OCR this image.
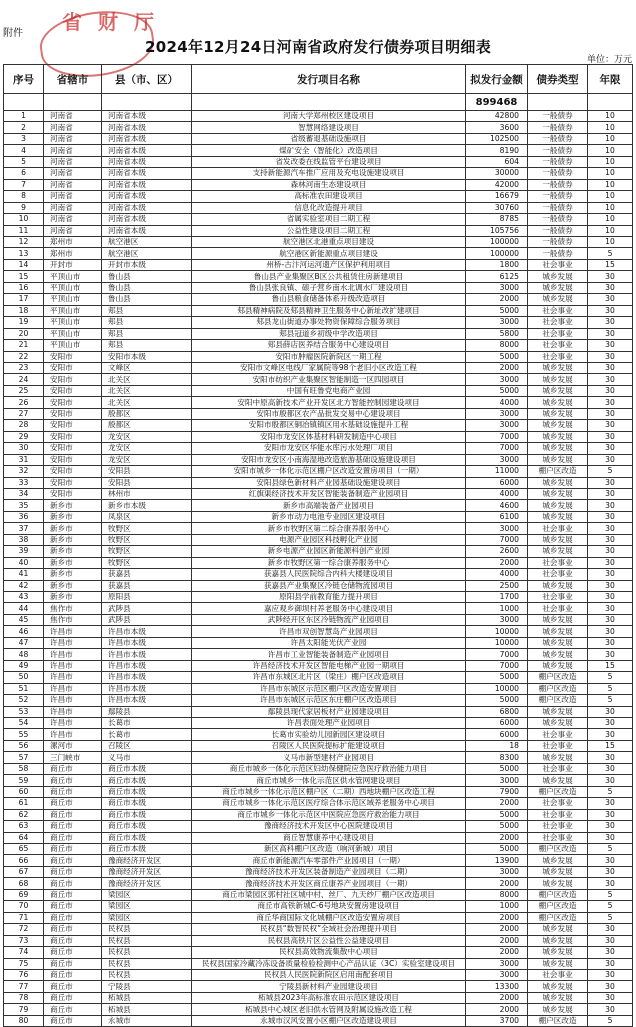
附件 省财厅
2024年12月24日河南省政府发行债券项目明细表
单位：万元
序号	省辖市	县（市、区）	发行项目名称	拟发行金额	债券类型	年限
				899468		
1	河南省	河南省本级	河南大学郑州校区建设项目	42800	一般债券	10
2	河南省	河南省本级	智慧网络建设项目	3600	一般债券	10
3	河南省	河南省本级	省级蓄退基础设施项目	102500	一般债券	10
4	河南省	河南省本级	煤矿安全（智能化）改造项目	8190	一般债券	10
5	河南省	河南省本级	省发改委在线监管平台建设项目	604	一般债券	10
6	河南省	河南省本级	支持新能源汽车推广应用及充电设施建设项目	30000	一般债券	10
7	河南省	河南省本级	森林河南生态建设项目	42000	一般债券	10
8	河南省	河南省本级	高标准农田建设项目	16679	一般债券	10
9	河南省	河南省本级	信息化改造提升项目	30760	一般债券	10
10	河南省	河南省本级	省属实验室项目二期工程	8785	一般债券	10
11	河南省	河南省本级	公益性建设项目二期工程	105756	一般债券	10
12	郑州市	航空港区	航空港区北港重点项目建设	100000	一般债券	10
13	郑州市	航空港区	航空港区新能源重点项目建设	100000	一般债券	5
14	开封市	开封市本级	州桥-古汴河运河遗产区保护利用项目	1800	社会事业	15
15	平顶山市	鲁山县	鲁山县产业集聚区B区公共租赁住房新建项目	6125	城乡发展	30
16	平顶山市	鲁山县	鲁山县张良镇、磙子营乡南水北调水厂建设项目	3000	城乡发展	30
17	平顶山市	鲁山县	鲁山县粮食储备体系升级改造项目	2000	城乡发展	30
18	平顶山市	郏县	郏县精神病院及郏县精神卫生服务中心新址改扩建项目	5000	社会事业	30
19	平顶山市	郏县	郏县龙山街道办事处物资保障综合服务项目	3000	社会事业	30
20	平顶山市	郏县	郏县冠道乡初级中学改造项目	5800	社会事业	30
21	平顶山市	郏县	郏县薛店医养结合服务中心建设项目	8000	社会事业	30
22	安阳市	安阳市本级	安阳市肿瘤医院新院区一期工程	5000	社会事业	30
23	安阳市	文峰区	安阳市文峰区电线厂家属院等98个老旧小区改造工程	2000	城乡发展	30
24	安阳市	北关区	安阳市纺织产业集聚区智能制造一区四园项目	3000	城乡发展	30
25	安阳市	北关区	中国有旺鲁党电商产业园	5000	城乡发展	30
26	安阳市	北关区	安阳中原高新技术产业开发区北方智能控制园建设项目	4000	城乡发展	30
27	安阳市	殷都区	安阳市殷都区农产品批发交易中心建设项目	3000	城乡发展	30
28	安阳市	殷都区	安阳市殷都区铜冶镇镇区用水基础设施提升工程	3000	城乡发展	30
29	安阳市	龙安区	安阳市龙安区体基材料研发制造中心项目	7000	城乡发展	30
30	安阳市	龙安区	安阳市龙安区华能水库污水处理厂项目	7000	城乡发展	30
31	安阳市	龙安区	安阳市龙安区小南海湿地改造旅游基础设施建设项目	3000	城乡发展	30
32	安阳市	安阳县	安阳市城乡一体化示范区棚户区改造安置房项目（一期）	11000	棚户区改造	5
33	安阳市	安阳县	安阳县绿色新材料产业园基础设施建设项目	6000	城乡发展	30
34	安阳市	林州市	红旗渠经济技术开发区智能装备制造产业园项目	4000	城乡发展	30
35	新乡市	新乡市本级	新乡市高端装备产业园项目	4600	城乡发展	30
36	新乡市	凤泉区	新乡市动力电池专业园区建设项目	6100	城乡发展	30
37	新乡市	牧野区	新乡市牧野区第二综合康养服务中心	3000	社会事业	30
38	新乡市	牧野区	电源产业园区科技孵化产业园	7000	城乡发展	30
39	新乡市	牧野区	新乡电源产业园区新能源科创产业园	2600	城乡发展	30
40	新乡市	牧野区	新乡市牧野区第一综合康养服务中心	2000	社会事业	30
41	新乡市	获嘉县	获嘉县人民医院综合内科大楼建设项目	4000	社会事业	30
42	新乡市	获嘉县	获嘉县产业集聚区冷链仓储物流园项目	2500	城乡发展	30
43	新乡市	原阳县	原阳县学前教育能力提升项目	1700	社会事业	30
44	焦作市	武陟县	嘉应观乡御坝村养老服务中心建设项目	1000	社会事业	30
45	焦作市	武陟县	武陟经开区东区冷链物流产业园项目	3000	城乡发展	30
46	许昌市	许昌市本级	许昌市双创智慧岛产业园项目	10000	城乡发展	30
47	许昌市	许昌市本级	许昌太阳能光伏产业园	10000	城乡发展	30
48	许昌市	许昌市本级	许昌市工业智能装备制造产业园项目	7000	城乡发展	30
49	许昌市	许昌市本级	许昌经济技术开发区智能电梯产业园一期项目	7000	城乡发展	15
50	许昌市	许昌市本级	许昌市东城区北片区（梁庄）棚户区改造项目	5000	棚户区改造	5
51	许昌市	许昌市本级	许昌市东城区示范区棚户区改造安置项目	10000	棚户区改造	5
52	许昌市	许昌市本级	许昌市东城区示范区东庄棚户区改造项目	5000	棚户区改造	5
53	许昌市	鄢陵县	鄢陵县现代家居板材产业园建设项目	6800	城乡发展	30
54	许昌市	长葛市	许昌表面处理产业园项目	6000	城乡发展	30
55	许昌市	长葛市	长葛市实验幼儿园新园区建设项目	6000	社会事业	30
56	漯河市	召陵区	召陵区人民医院提标扩能建设项目	18	社会事业	15
57	三门峡市	义马市	义马市新型建材产业园项目	8300	城乡发展	30
58	商丘市	商丘市本级	商丘市城乡一体化示范区妇幼保健院应急医疗救治能力项目	5000	社会事业	30
59	商丘市	商丘市本级	商丘市城乡一体化示范区供水管网建设项目	3000	城乡发展	30
60	商丘市	商丘市本级	商丘市城乡一体化示范区棚户区（二期）西地块棚户区改造工程	7900	棚户区改造	5
61	商丘市	商丘市本级	商丘市城乡一体化示范区医疗综合体示范区域养老服务中心项目	2000	社会事业	30
62	商丘市	商丘市本级	商丘市城乡一体化示范区中医院应急医疗救治能力项目	5000	社会事业	30
63	商丘市	商丘市本级	豫商经济技术开发区中心医院建设项目	5000	社会事业	30
64	商丘市	商丘市本级	商丘智慧康养中心建设项目	2000	社会事业	30
65	商丘市	商丘市本级	新区高科棚户区改造（响河新城）项目	5000	棚户区改造	5
66	商丘市	豫商经济开发区	商丘市新能源汽车零部件产业园项目（一期）	13900	城乡发展	30
67	商丘市	豫商经济开发区	豫商经济技术开发区装备制造产业园项目（二期）	3000	城乡发展	30
68	商丘市	豫商经济开发区	豫商经济技术开发区商丘康养产业园项目（一期）	2000	城乡发展	30
69	商丘市	梁园区	商丘市梁园区郭村社区城中村、丝厂、九天纱厂棚户区改造项目	8000	棚户区改造	5
70	商丘市	梁园区	商丘市高铁新城C-6号地块安置房建设项目	1000	棚户区改造	5
71	商丘市	梁园区	商丘华商国际文化城棚户区改造安置房项目	2000	棚户区改造	5
72	商丘市	民权县	民权县“数智民权”全域社会治理提升项目	2000	城乡发展	30
73	商丘市	民权县	民权县高铁片区公益性公益建设项目	2000	城乡发展	30
74	商丘市	民权县	民权县高效物流集散中心项目	2000	城乡发展	30
75	商丘市	民权县	民权县国家冷藏冷冻设备质量检验检测中心产品认证（3C）实验室建设项目	3000	城乡发展	30
76	商丘市	民权县	民权县人民医院新院区启用南配套项目	3000	社会事业	30
77	商丘市	宁陵县	宁陵县新材料产业园建设项目	13300	城乡发展	30
78	商丘市	柘城县	柘城县2023年高标准农田示范区建设项目	2000	城乡发展	30
79	商丘市	柘城县	柘城县中心城区老旧供水管网及附属设施改造工程	2000	城乡发展	30
80	商丘市	永城市	永城市汉风安置小区棚户区改造建设项目	3700	棚户区改造	5
